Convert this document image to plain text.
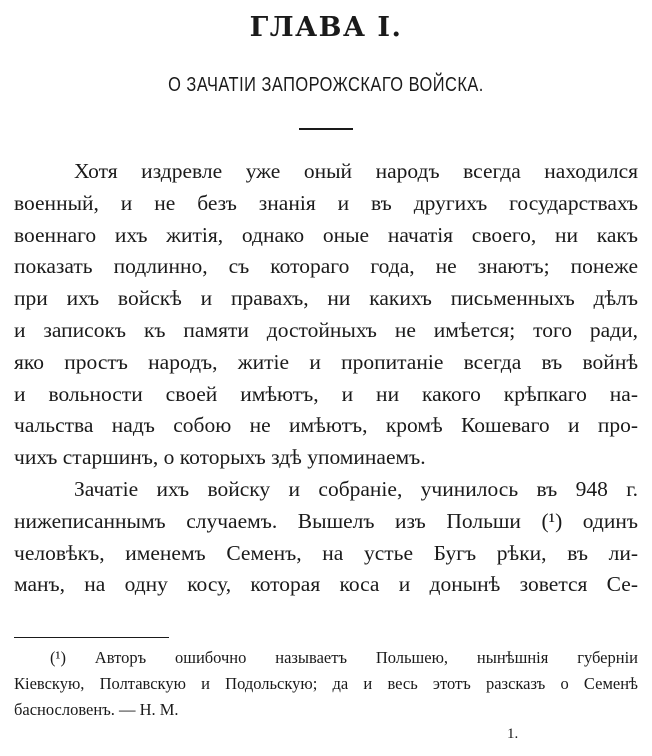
ГЛАВА I.
О ЗАЧАТІИ ЗАПОРОЖСКАГО ВОЙСКА.
Хотя издревле уже оный народъ всегда находился
военный, и не безъ знанія и въ другихъ государствахъ
военнаго ихъ житія, однако оные начатія своего, ни какъ
показать подлинно, съ котораго года, не знаютъ; понеже
при ихъ войскѣ и правахъ, ни какихъ письменныхъ дѣлъ
и записокъ къ памяти достойныхъ не имѣется; того ради,
яко простъ народъ, житіе и пропитаніе всегда въ войнѣ
и вольности своей имѣютъ, и ни какого крѣпкаго на-
чальства надъ собою не имѣютъ, кромѣ Кошеваго и про-
чихъ старшинъ, о которыхъ здѣ упоминаемъ.
Зачатіе ихъ войску и собраніе, учинилось въ 948 г.
нижеписаннымъ случаемъ. Вышелъ изъ Польши (¹) одинъ
человѣкъ, именемъ Семенъ, на устье Бугъ рѣки, въ ли-
манъ, на одну косу, которая коса и донынѣ зовется Се-
(¹) Авторъ ошибочно называетъ Польшею, нынѣшнія губерніи
Кіевскую, Полтавскую и Подольскую; да и весь этотъ разсказъ о Семенѣ
баснословенъ. — Н. М.
1.
